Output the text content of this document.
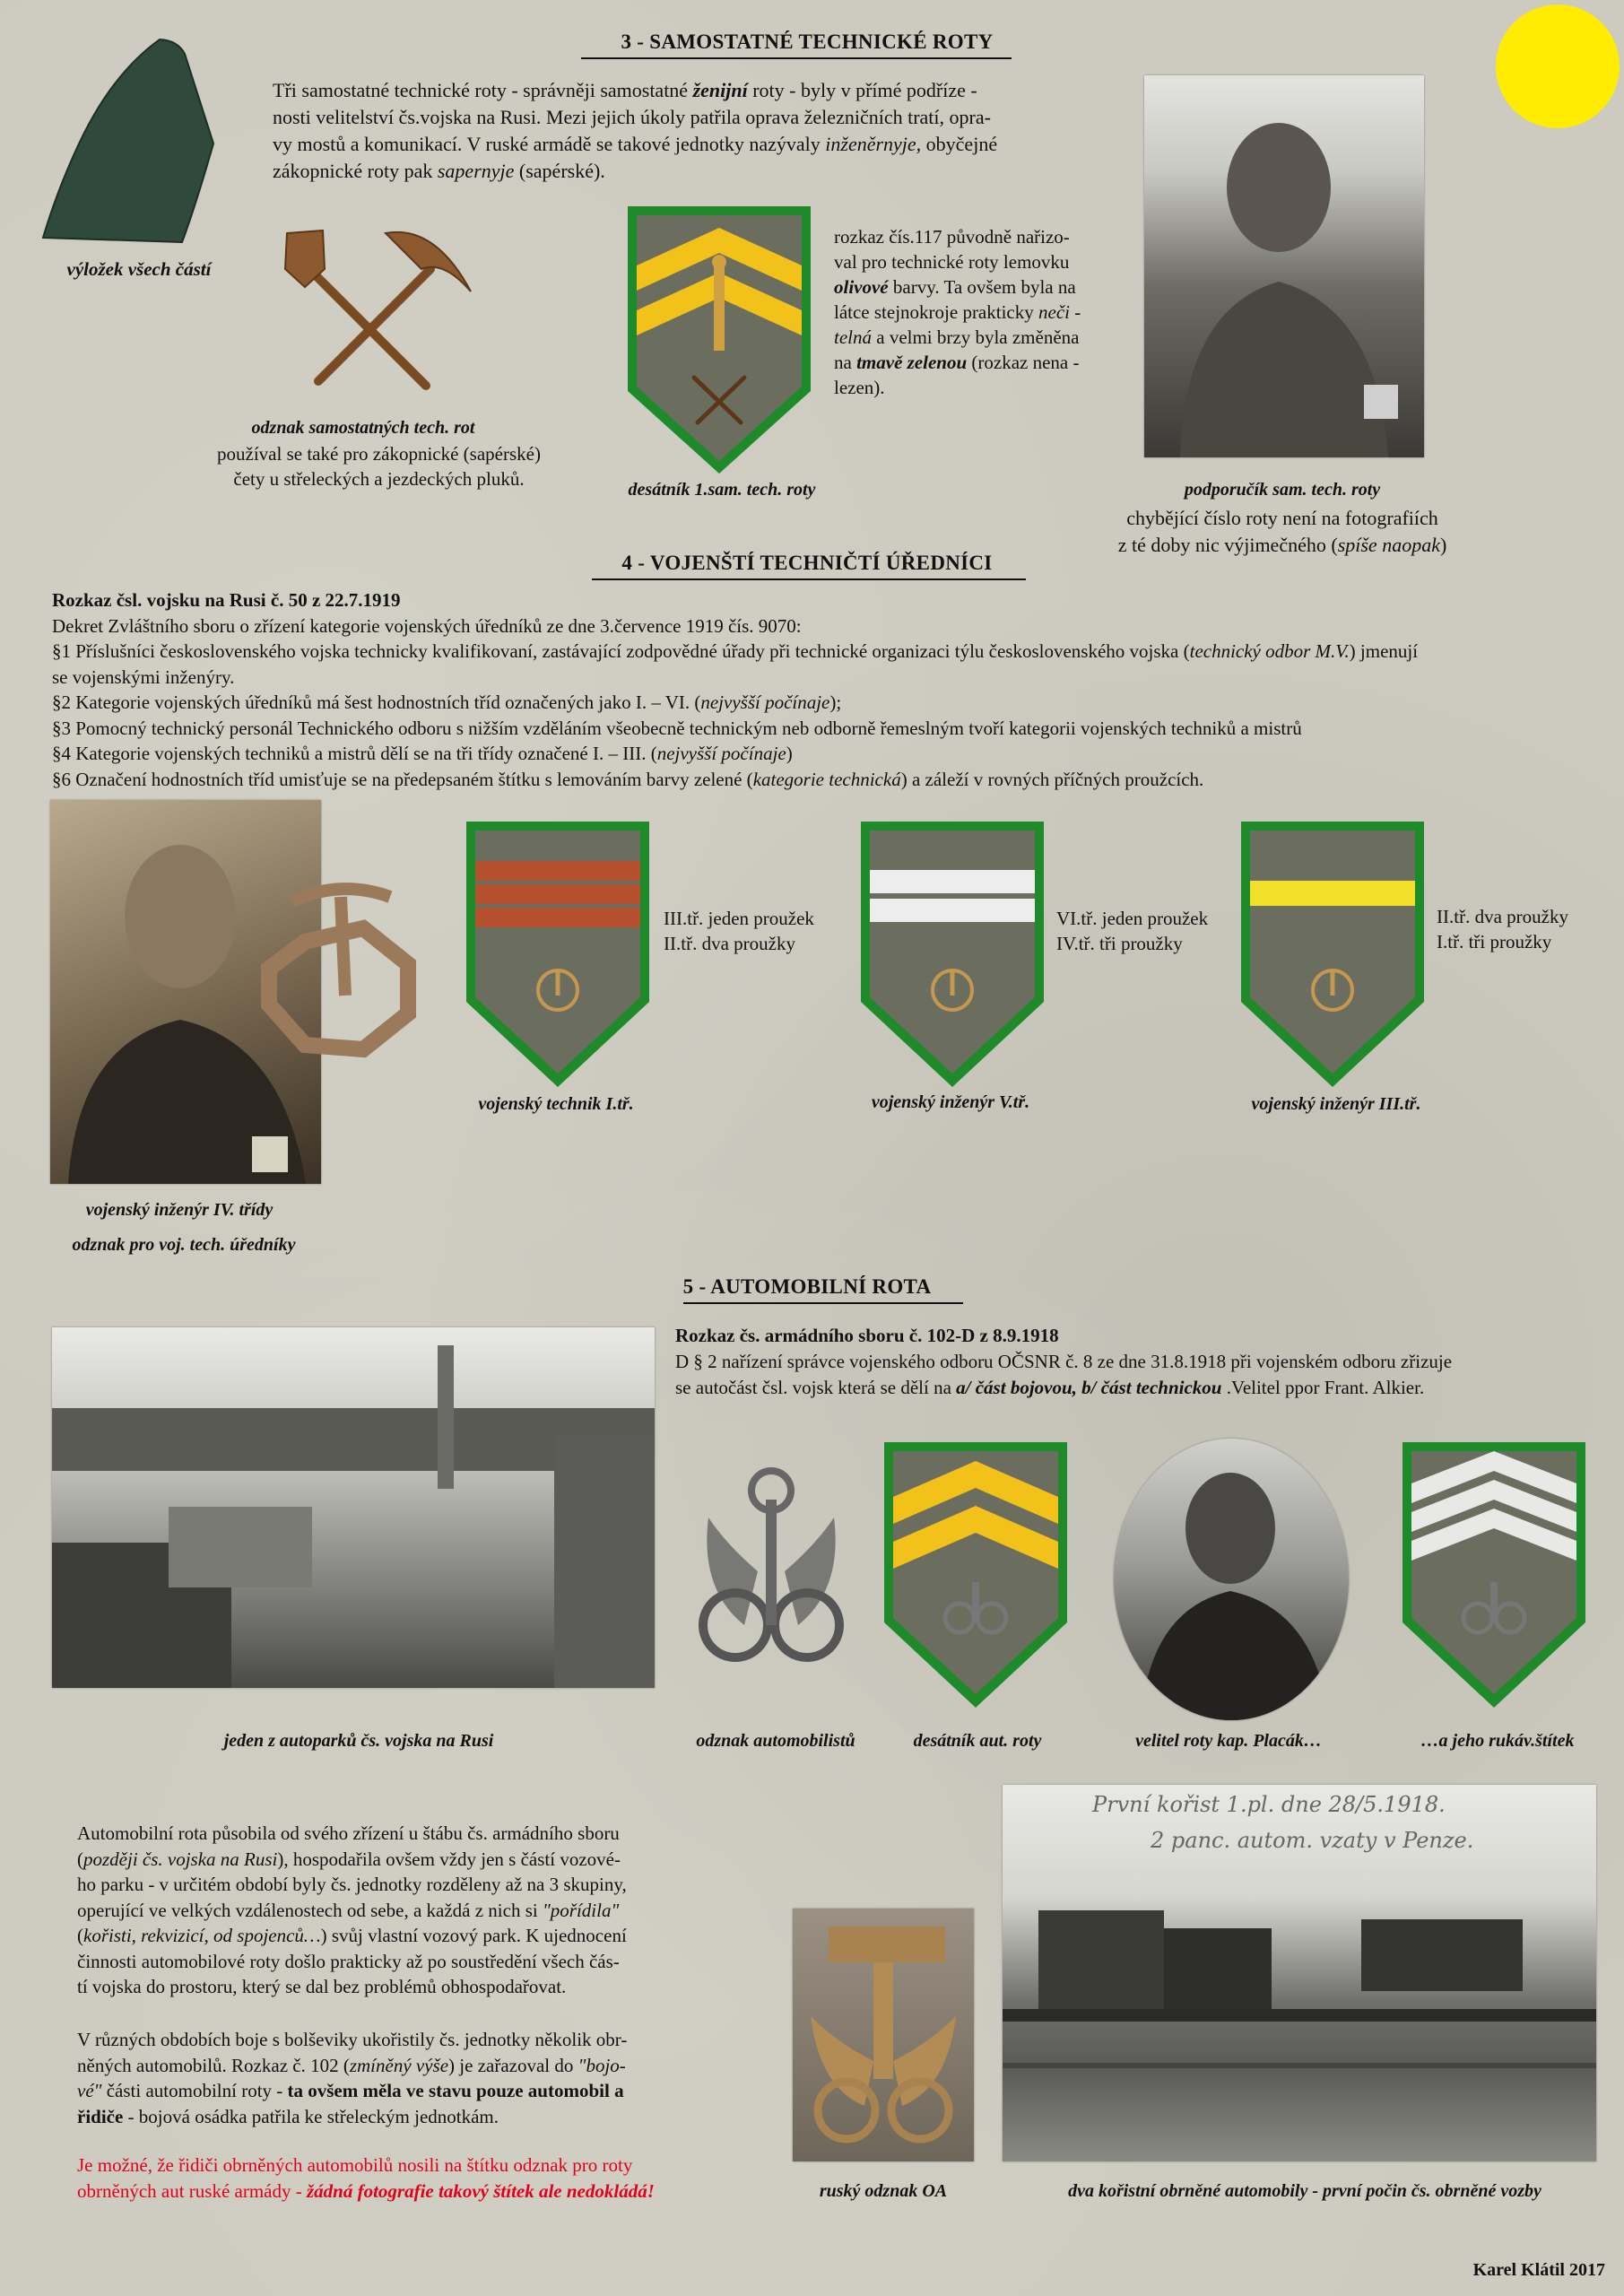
3 - SAMOSTATNÉ TECHNICKÉ ROTY
výložek všech částí
Tři samostatné technické roty - správněji samostatné ženijní roty - byly v přímé podříze -
nosti velitelství čs.vojska na Rusi. Mezi jejich úkoly patřila oprava železničních tratí, opra-
vy mostů a komunikací. V ruské armádě se takové jednotky nazývaly inženěrnyje, obyčejné
zákopnické roty pak sapernyje (sapérské).
odznak samostatných tech. rot
používal se také pro zákopnické (sapérské)
čety u střeleckých a jezdeckých pluků.	desátník 1.sam. tech. roty
rozkaz čís.117 původně nařizo-
val pro technické roty lemovku
olivové barvy. Ta ovšem byla na
látce stejnokroje prakticky neči -
telná a velmi brzy byla změněna
na tmavě zelenou (rozkaz nena -
lezen).
podporučík sam. tech. roty
chybějící číslo roty není na fotografiích
z té doby nic výjimečného (spíše naopak)
4 - VOJENŠTÍ TECHNIČTÍ ÚŘEDNÍCI
Rozkaz čsl. vojsku na Rusi č. 50 z 22.7.1919
Dekret Zvláštního sboru o zřízení kategorie vojenských úředníků ze dne 3.července 1919 čís. 9070:
§1 Příslušníci československého vojska technicky kvalifikovaní, zastávající zodpovědné úřady při technické organizaci týlu československého vojska (technický odbor M.V.) jmenují
se vojenskými inženýry.
§2 Kategorie vojenských úředníků má šest hodnostních tříd označených jako I. – VI. (nejvyšší počínaje);
§3 Pomocný technický personál Technického odboru s nižším vzděláním všeobecně technickým neb odborně řemeslným tvoří kategorii vojenských techniků a mistrů
§4 Kategorie vojenských techniků a mistrů dělí se na tři třídy označené I. – III. (nejvyšší počínaje)
§6 Označení hodnostních tříd umisťuje se na předepsaném štítku s lemováním barvy zelené (kategorie technická) a záleží v rovných příčných proužcích.
vojenský inženýr IV. třídy
odznak pro voj. tech. úředníky
III.tř. jeden proužek
II.tř. dva proužky
vojenský technik I.tř.
VI.tř. jeden proužek
IV.tř. tři proužky
vojenský inženýr V.tř.
II.tř. dva proužky
I.tř. tři proužky
vojenský inženýr III.tř.
5 - AUTOMOBILNÍ ROTA
jeden z autoparků čs. vojska na Rusi
Rozkaz čs. armádního sboru č. 102-D z 8.9.1918
D § 2 nařízení správce vojenského odboru OČSNR č. 8 ze dne 31.8.1918 při vojenském odboru zřizuje
se autočást čsl. vojsk která se dělí na a/ část bojovou, b/ část technickou .Velitel ppor Frant. Alkier.
odznak automobilistů	desátník aut. roty	velitel roty kap. Placák…	…a jeho rukáv.štítek
Automobilní rota působila od svého zřízení u štábu čs. armádního sboru
(později čs. vojska na Rusi), hospodařila ovšem vždy jen s částí vozové-
ho parku - v určitém období byly čs. jednotky rozděleny až na 3 skupiny,
operující ve velkých vzdálenostech od sebe, a každá z nich si "pořídila"
(kořisti, rekvizicí, od spojenců…) svůj vlastní vozový park. K ujednocení
činnosti automobilové roty došlo prakticky až po soustředění všech čás-
tí vojska do prostoru, který se dal bez problémů obhospodařovat.
V různých obdobích boje s bolševiky ukořistily čs. jednotky několik obr-
něných automobilů. Rozkaz č. 102 (zmíněný výše) je zařazoval do "bojo-
vé" části automobilní roty - ta ovšem měla ve stavu pouze automobil a
řidiče - bojová osádka patřila ke střeleckým jednotkám.
Je možné, že řidiči obrněných automobilů nosili na štítku odznak pro roty
obrněných aut ruské armády - žádná fotografie takový štítek ale nedokládá!	ruský odznak OA
První kořist 1.pl. dne 28/5.1918.
2 panc. autom. vzaty v Penze.
dva kořistní obrněné automobily - první počin čs. obrněné vozby
Karel Klátil 2017
